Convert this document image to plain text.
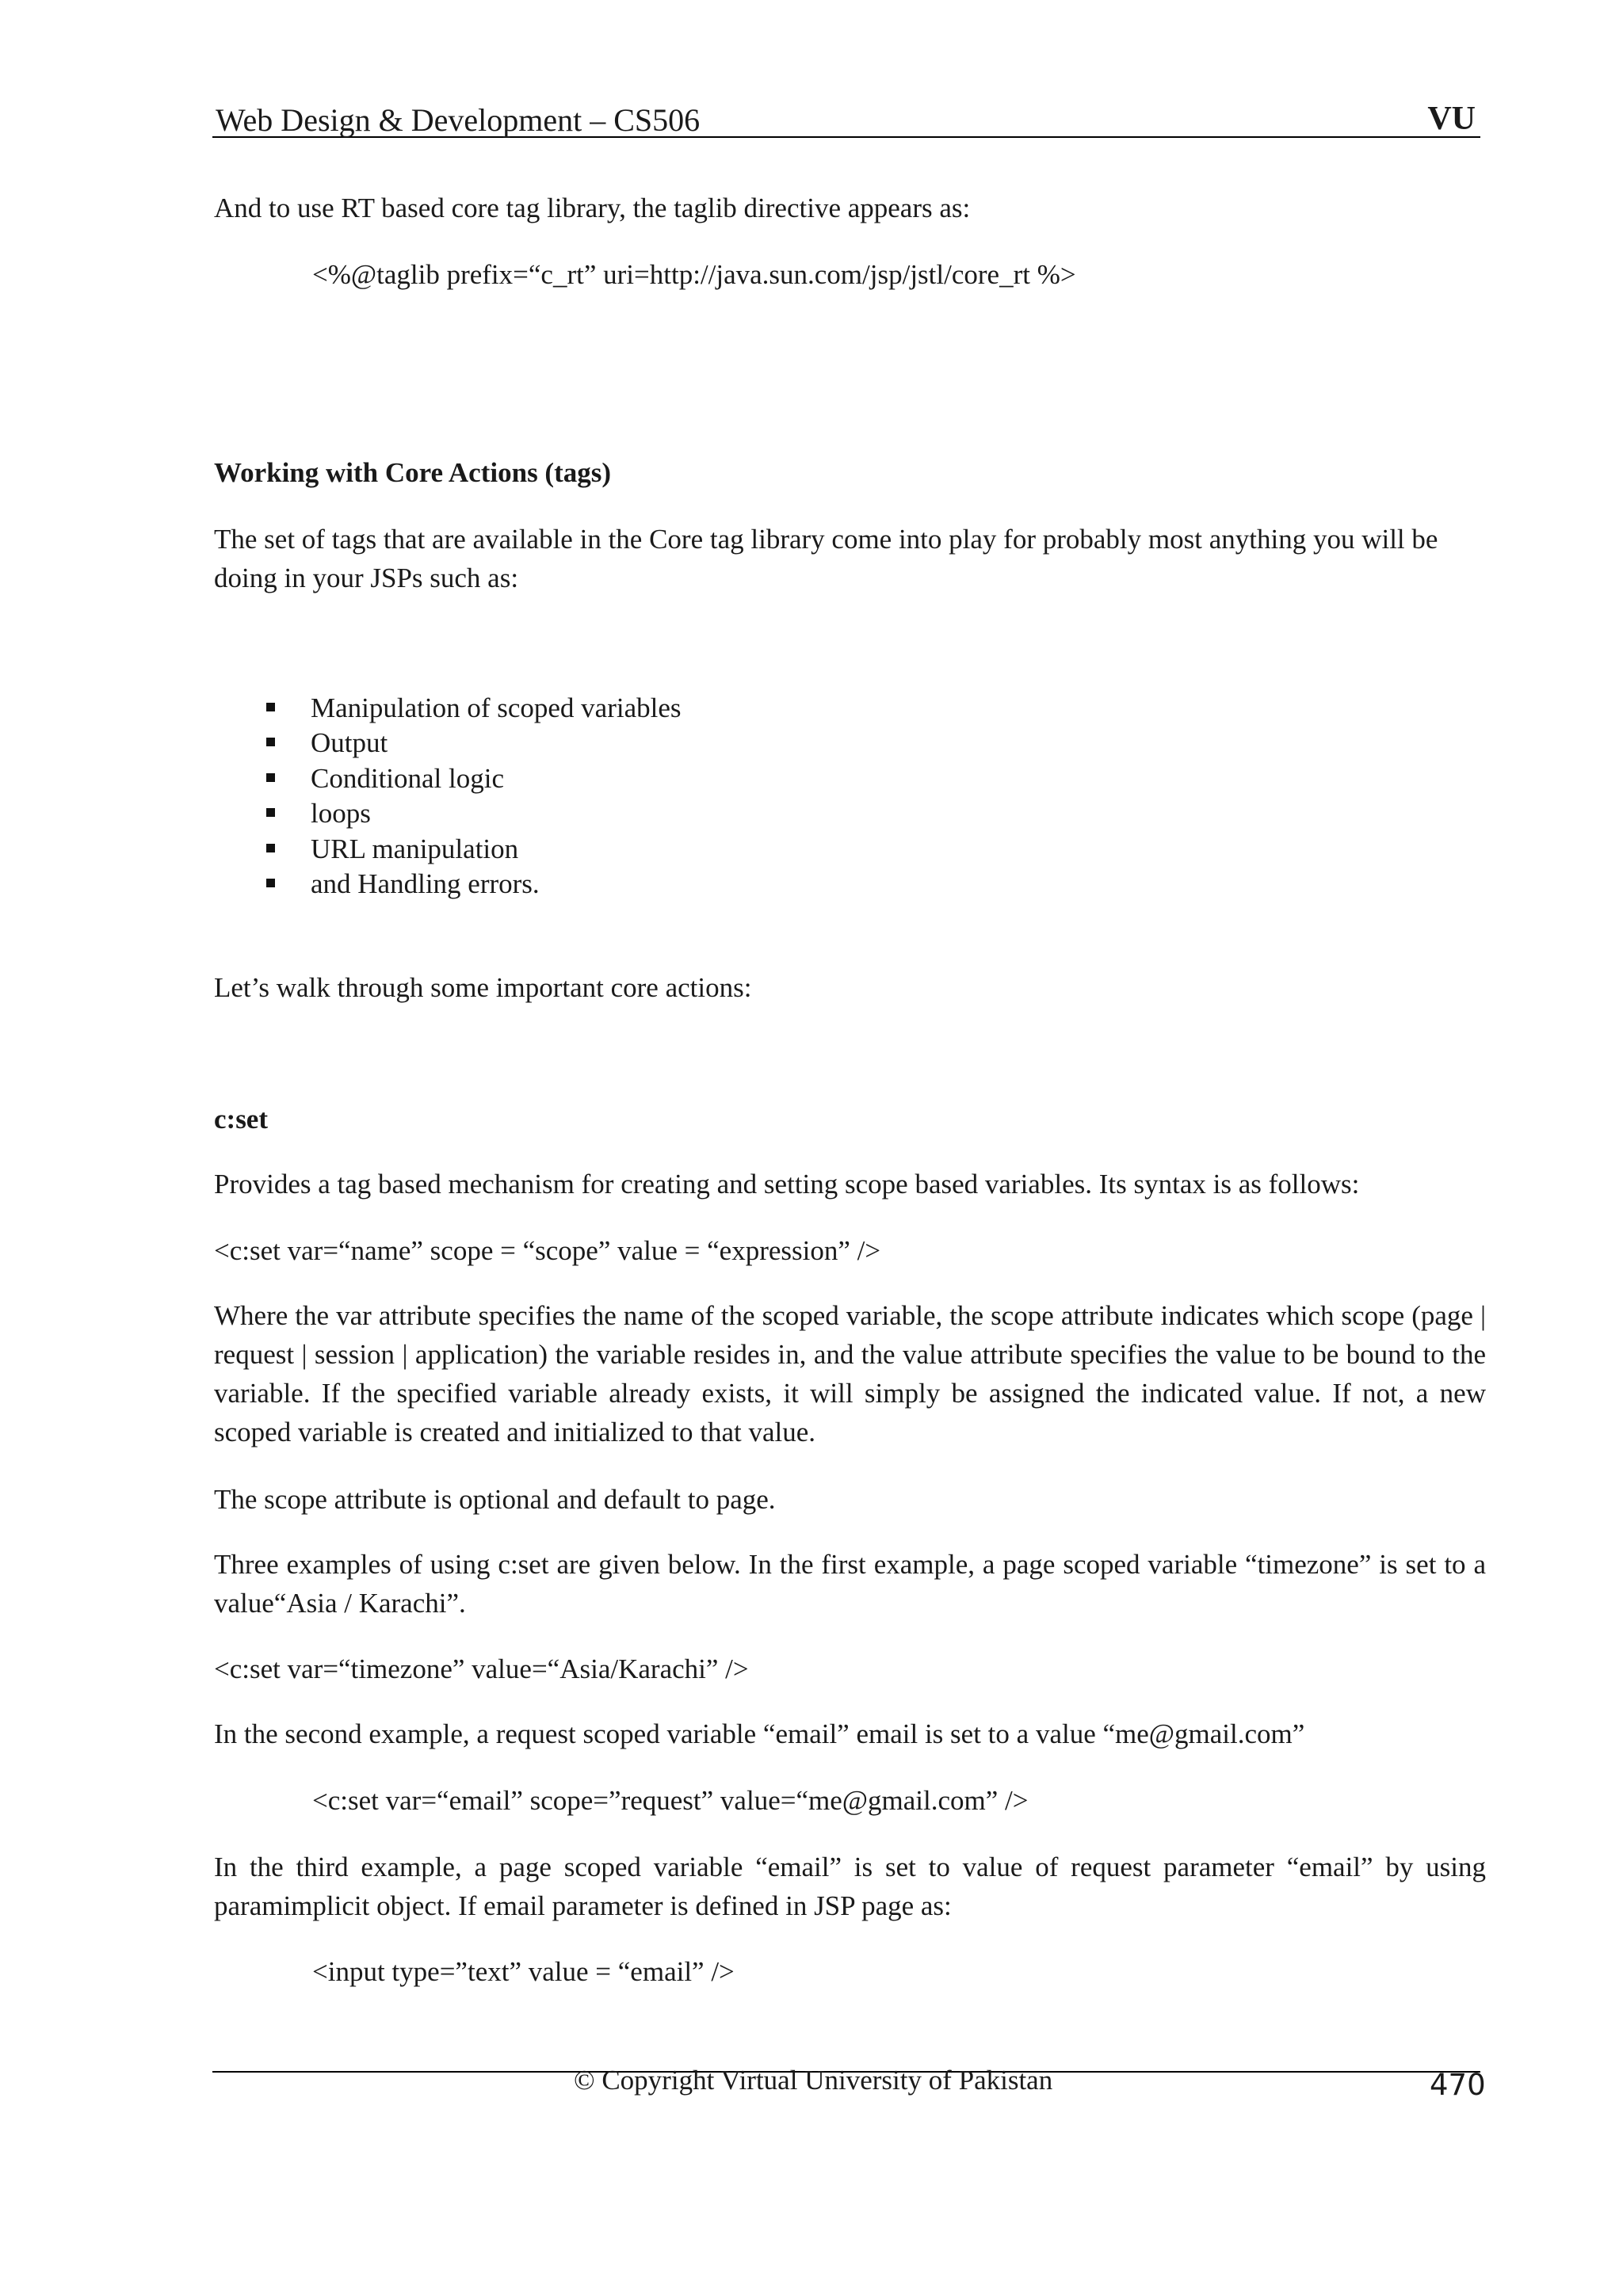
Web Design & Development – CS506	VU
And to use RT based core tag library, the taglib directive appears as:
<%@taglib prefix=“c_rt” uri=http://java.sun.com/jsp/jstl/core_rt %>
Working with Core Actions (tags)
The set of tags that are available in the Core tag library come into play for probably most anything you will be doing in your JSPs such as:
Manipulation of scoped variables
Output
Conditional logic
loops
URL manipulation
and Handling errors.
Let’s walk through some important core actions:
c:set
Provides a tag based mechanism for creating and setting scope based variables. Its syntax is as follows:
<c:set var=“name” scope = “scope” value = “expression” />
Where the var attribute specifies the name of the scoped variable, the scope attribute indicates which scope (page | request | session | application) the variable resides in, and the value attribute specifies the value to be bound to the variable. If the specified variable already exists, it will simply be assigned the indicated value. If not, a new scoped variable is created and initialized to that value.
The scope attribute is optional and default to page.
Three examples of using c:set are given below. In the first example, a page scoped variable “timezone” is set to a value“Asia / Karachi”.
<c:set var=“timezone” value=“Asia/Karachi” />
In the second example, a request scoped variable “email” email is set to a value “me@gmail.com”
<c:set var=“email” scope=”request” value=“me@gmail.com” />
In the third example, a page scoped variable “email” is set to value of request parameter “email” by using paramimplicit object. If email parameter is defined in JSP page as:
<input type=”text” value = “email” />
© Copyright Virtual University of Pakistan	470
